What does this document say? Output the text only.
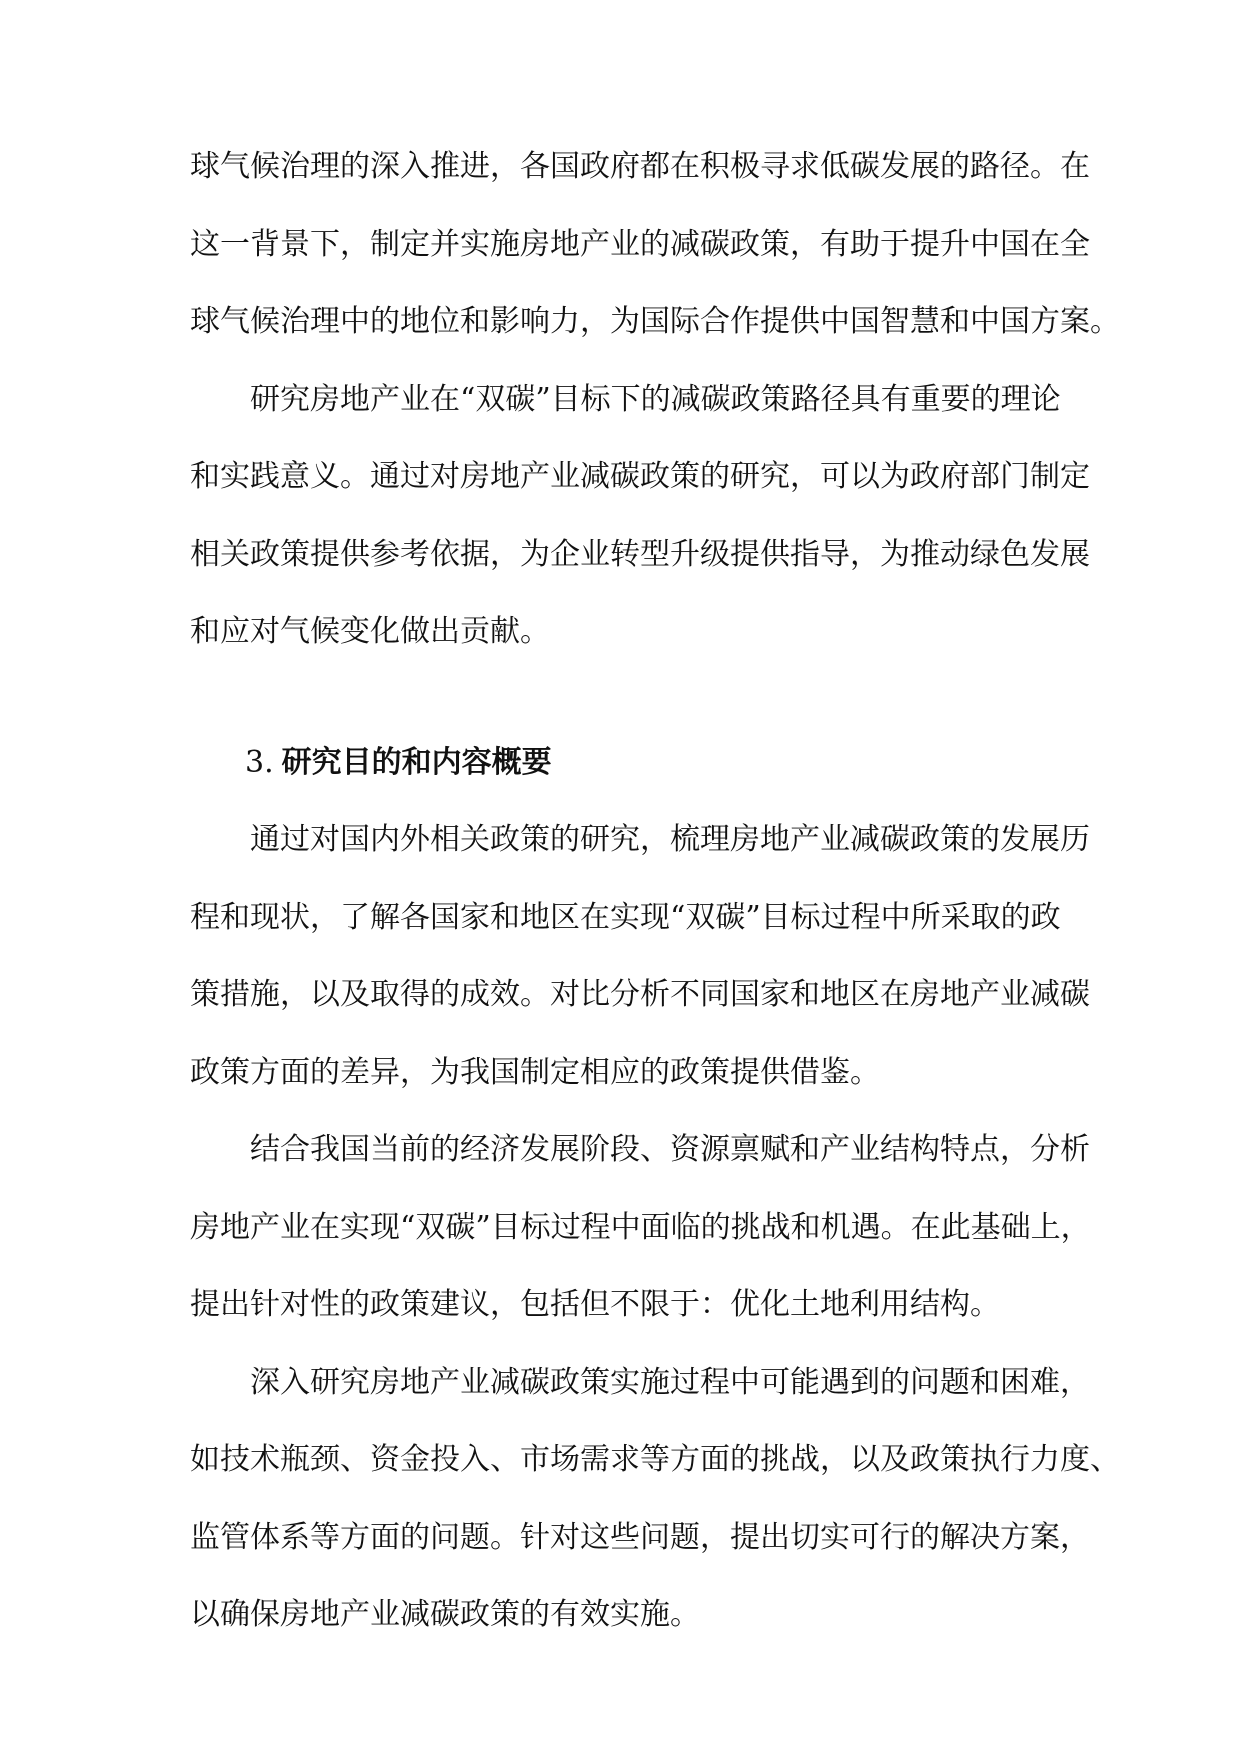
球气候治理的深入推进，各国政府都在积极寻求低碳发展的路径。在
这一背景下，制定并实施房地产业的减碳政策，有助于提升中国在全
球气候治理中的地位和影响力，为国际合作提供中国智慧和中国方案。

研究房地产业在“双碳”目标下的减碳政策路径具有重要的理论
和实践意义。通过对房地产业减碳政策的研究，可以为政府部门制定
相关政策提供参考依据，为企业转型升级提供指导，为推动绿色发展
和应对气候变化做出贡献。

3. 研究目的和内容概要

通过对国内外相关政策的研究，梳理房地产业减碳政策的发展历
程和现状，了解各国家和地区在实现“双碳”目标过程中所采取的政
策措施，以及取得的成效。对比分析不同国家和地区在房地产业减碳
政策方面的差异，为我国制定相应的政策提供借鉴。

结合我国当前的经济发展阶段、资源禀赋和产业结构特点，分析
房地产业在实现“双碳”目标过程中面临的挑战和机遇。在此基础上，
提出针对性的政策建议，包括但不限于：优化土地利用结构。

深入研究房地产业减碳政策实施过程中可能遇到的问题和困难，
如技术瓶颈、资金投入、市场需求等方面的挑战，以及政策执行力度、
监管体系等方面的问题。针对这些问题，提出切实可行的解决方案，
以确保房地产业减碳政策的有效实施。
